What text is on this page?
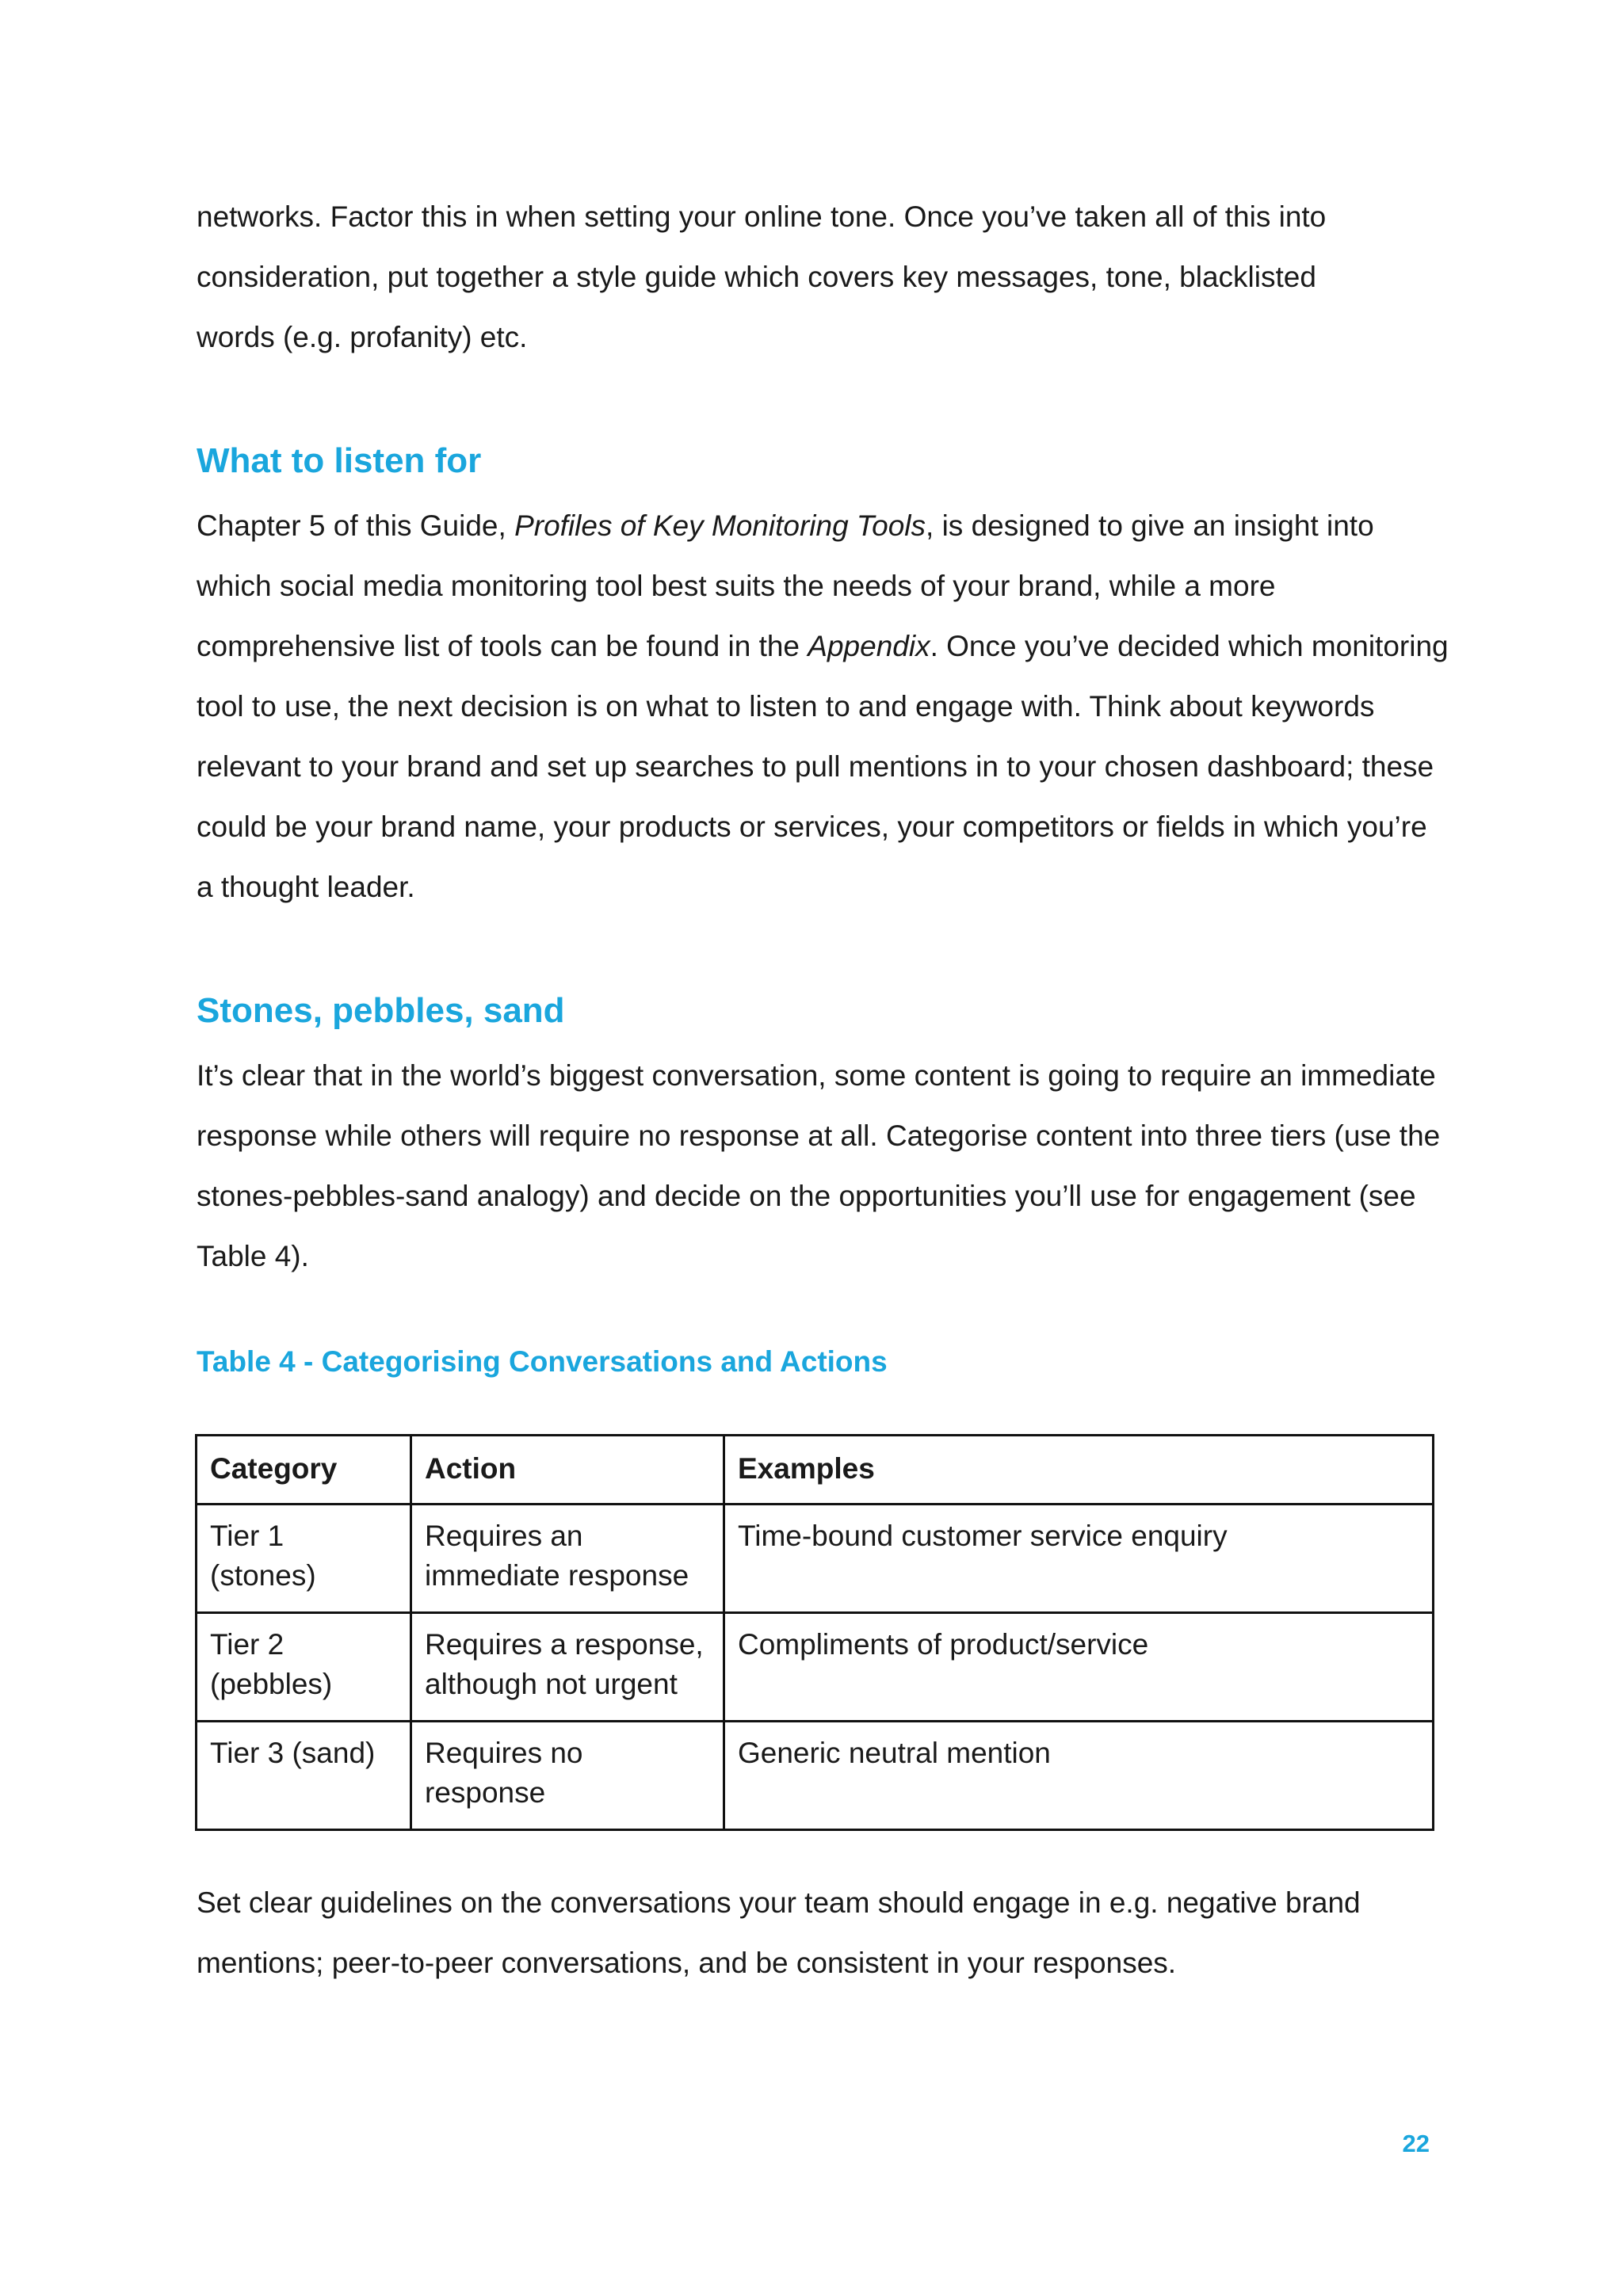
networks. Factor this in when setting your online tone. Once you’ve taken all of this into

consideration, put together a style guide which covers key messages, tone, blacklisted

words (e.g. profanity) etc.

What to listen for

Chapter 5 of this Guide, Profiles of Key Monitoring Tools, is designed to give an insight into which social media monitoring tool best suits the needs of your brand, while a more comprehensive list of tools can be found in the Appendix. Once you’ve decided which monitoring tool to use, the next decision is on what to listen to and engage with. Think about keywords relevant to your brand and set up searches to pull mentions in to your chosen dashboard; these could be your brand name, your products or services, your competitors or fields in which you’re a thought leader.

Stones, pebbles, sand

It’s clear that in the world’s biggest conversation, some content is going to require an immediate response while others will require no response at all. Categorise content into three tiers (use the stones-pebbles-sand analogy) and decide on the opportunities you’ll use for engagement (see Table 4).

Table 4 - Categorising Conversations and Actions

Category	Action	Examples
Tier 1 (stones)	Requires an immediate response	Time-bound customer service enquiry
Tier 2 (pebbles)	Requires a response, although not urgent	Compliments of product/service
Tier 3 (sand)	Requires no response	Generic neutral mention

Set clear guidelines on the conversations your team should engage in e.g. negative brand mentions; peer-to-peer conversations, and be consistent in your responses.

22
